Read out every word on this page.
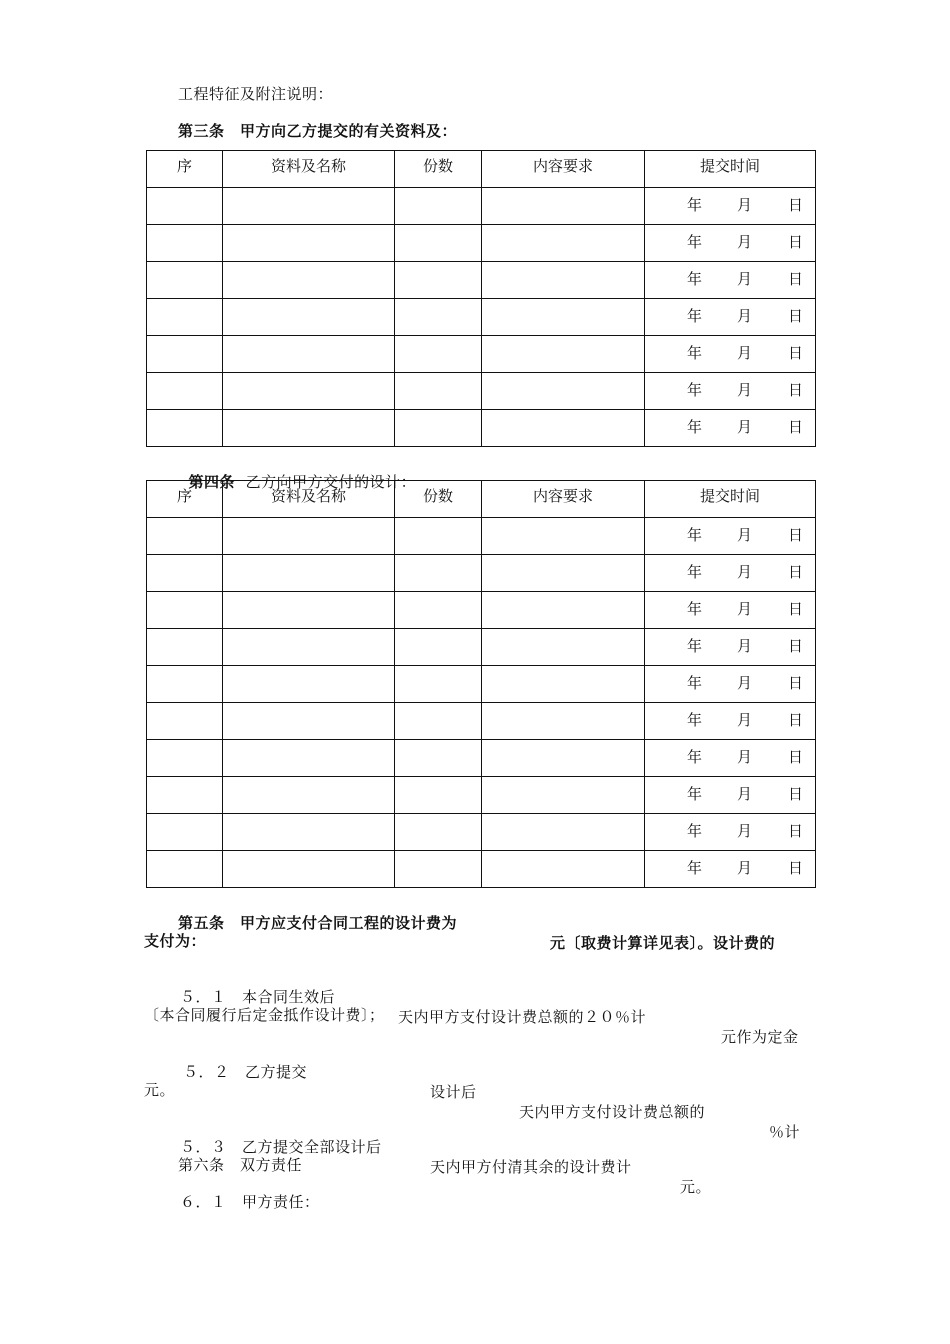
工程特征及附注说明：
第三条　甲方向乙方提交的有关资料及：
序	资料及名称	份数	内容要求	提交时间

				年 月 日

				年 月 日

				年 月 日

				年 月 日

				年 月 日

				年 月 日

				年 月 日

第四条 乙方向甲方交付的设计：

序	资料及名称	份数	内容要求	提交时间

				年 月 日

				年 月 日

				年 月 日

				年 月 日

				年 月 日

				年 月 日

				年 月 日

				年 月 日

				年 月 日

				年 月 日

第五条　甲方应支付合同工程的设计费为

元〔取费计算详见表〕。设计费的

支付为：

５．１　本合同生效后

天内甲方支付设计费总额的２０％计

元作为定金

〔本合同履行后定金抵作设计费〕；

５．２　乙方提交

设计后

天内甲方支付设计费总额的

％计

元。

５．３　乙方提交全部设计后

天内甲方付清其余的设计费计

元。

第六条　双方责任
６．１　甲方责任：
